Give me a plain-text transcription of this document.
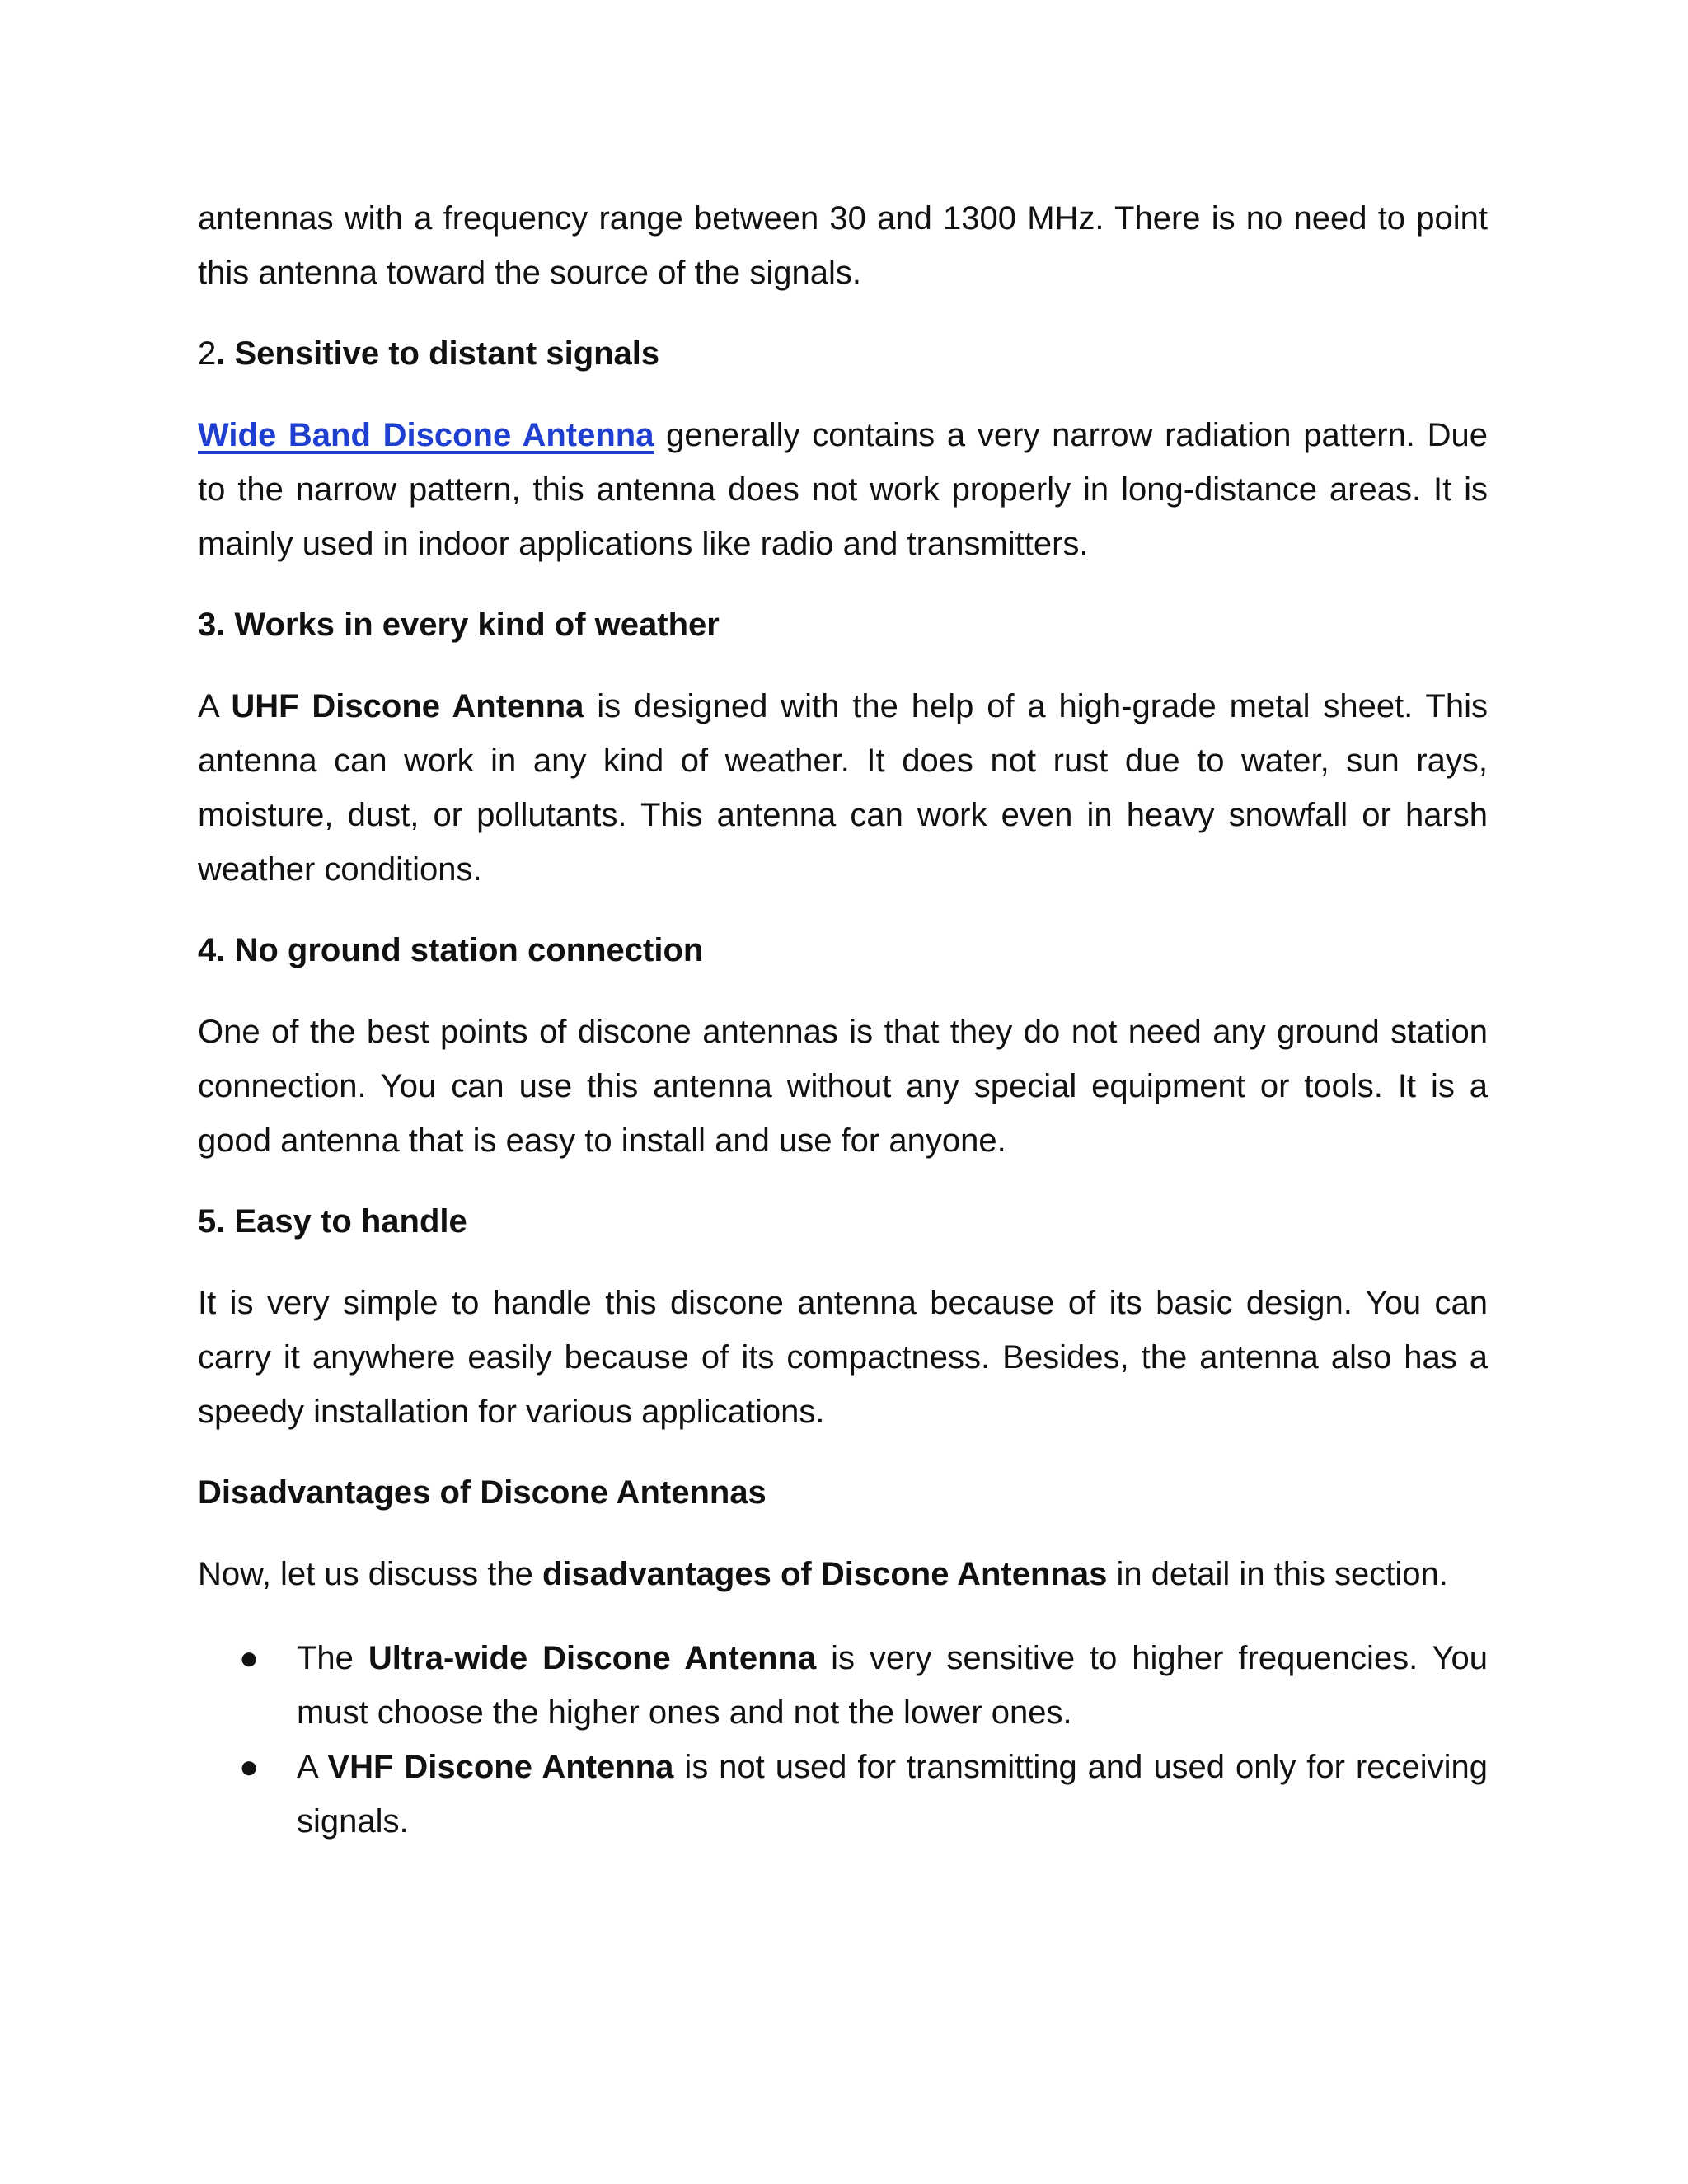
antennas with a frequency range between 30 and 1300 MHz. There is no need to point this antenna toward the source of the signals.

2. Sensitive to distant signals

Wide Band Discone Antenna generally contains a very narrow radiation pattern. Due to the narrow pattern, this antenna does not work properly in long-distance areas. It is mainly used in indoor applications like radio and transmitters.

3. Works in every kind of weather

A UHF Discone Antenna is designed with the help of a high-grade metal sheet. This antenna can work in any kind of weather. It does not rust due to water, sun rays, moisture, dust, or pollutants. This antenna can work even in heavy snowfall or harsh weather conditions.

4. No ground station connection

One of the best points of discone antennas is that they do not need any ground station connection. You can use this antenna without any special equipment or tools. It is a good antenna that is easy to install and use for anyone.

5. Easy to handle

It is very simple to handle this discone antenna because of its basic design. You can carry it anywhere easily because of its compactness. Besides, the antenna also has a speedy installation for various applications.

Disadvantages of Discone Antennas

Now, let us discuss the disadvantages of Discone Antennas in detail in this section.

● The Ultra-wide Discone Antenna is very sensitive to higher frequencies. You must choose the higher ones and not the lower ones.
● A VHF Discone Antenna is not used for transmitting and used only for receiving signals.
